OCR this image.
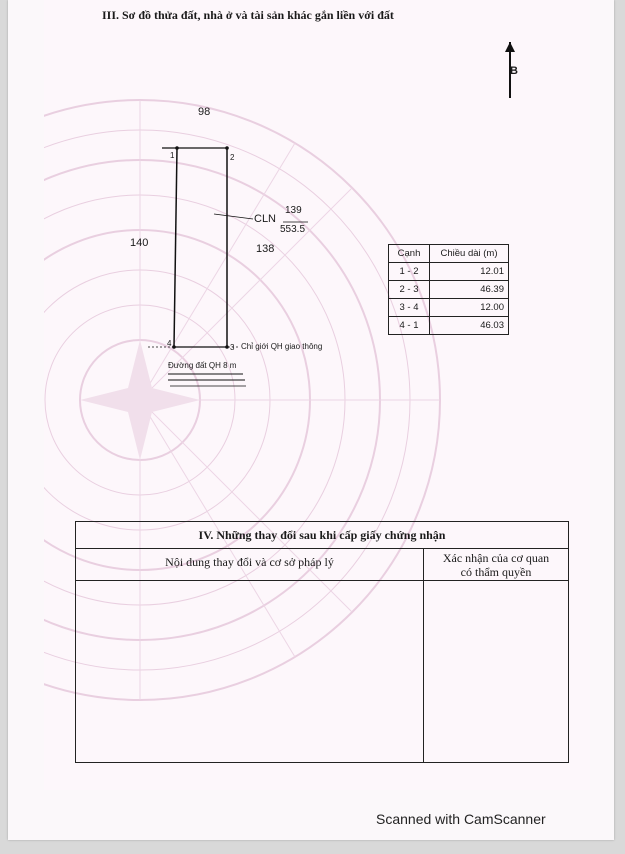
III. Sơ đồ thửa đất, nhà ở và tài sản khác gắn liền với đất
B
98
140	138
1	2
3
4
CLN
139
553.5
Chỉ giới QH giao thông
Đường đất QH 8 m
Cạnh	Chiều dài (m)
1 - 2	12.01
2 - 3	46.39
3 - 4	12.00
4 - 1	46.03
IV. Những thay đổi sau khi cấp giấy chứng nhận
Nội dung thay đổi và cơ sở pháp lý	Xác nhận của cơ quan
có thẩm quyền
Scanned with CamScanner
